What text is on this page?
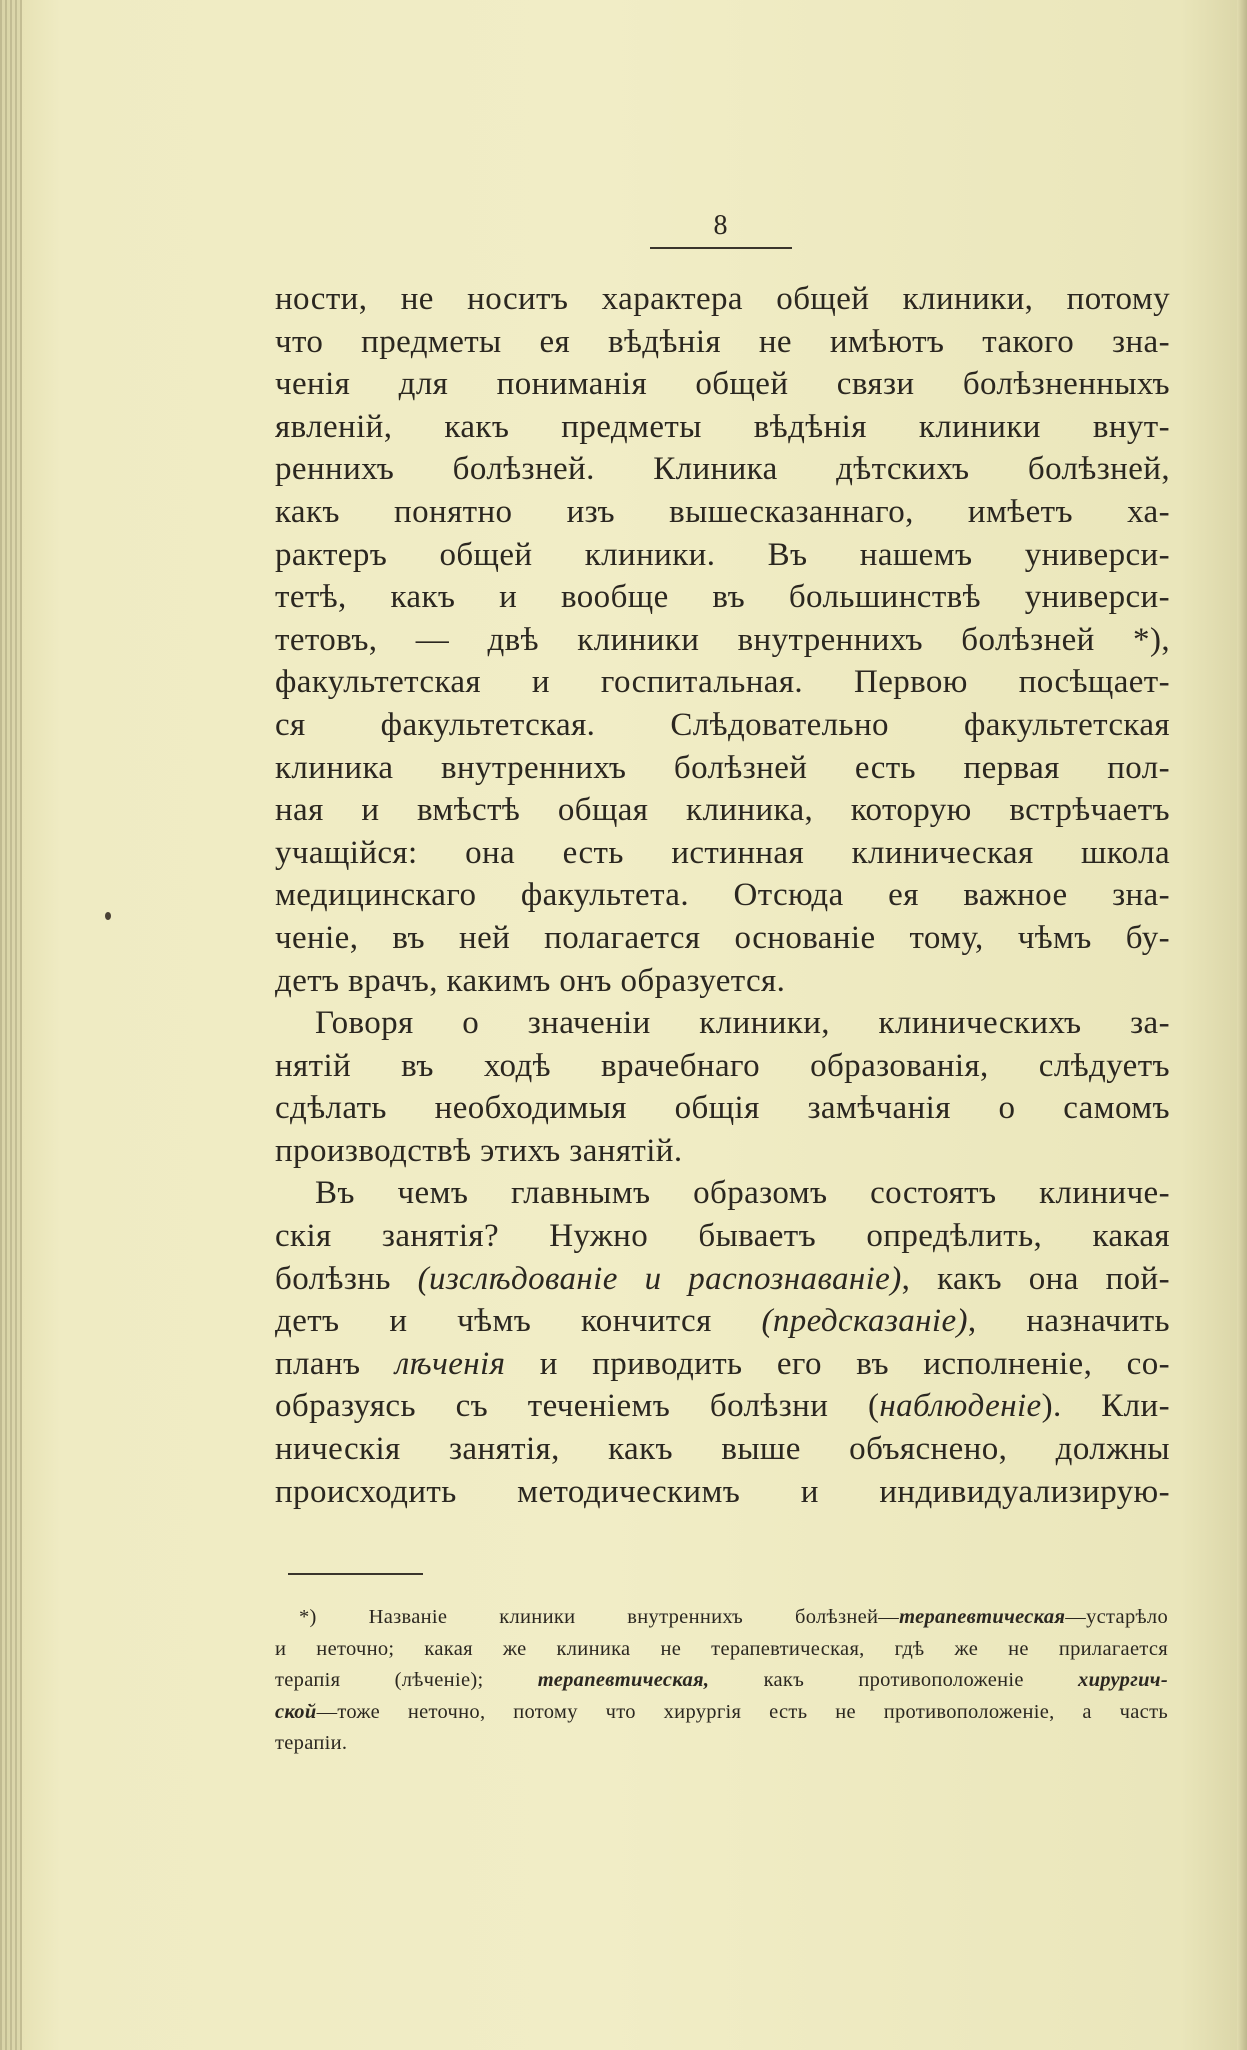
8
ности, не носитъ характера общей клиники, потому
что предметы ея вѣдѣнія не имѣютъ такого зна-
ченія для пониманія общей связи болѣзненныхъ
явленій, какъ предметы вѣдѣнія клиники внут-
реннихъ болѣзней. Клиника дѣтскихъ болѣзней,
какъ понятно изъ вышесказаннаго, имѣетъ ха-
рактеръ общей клиники. Въ нашемъ универси-
тетѣ, какъ и вообще въ большинствѣ универси-
тетовъ, — двѣ клиники внутреннихъ болѣзней *),
факультетская и госпитальная. Первою посѣщает-
ся факультетская. Слѣдовательно факультетская
клиника внутреннихъ болѣзней есть первая пол-
ная и вмѣстѣ общая клиника, которую встрѣчаетъ
учащійся: она есть истинная клиническая школа
медицинскаго факультета. Отсюда ея важное зна-
ченіе, въ ней полагается основаніе тому, чѣмъ бу-
детъ врачъ, какимъ онъ образуется.
Говоря о значеніи клиники, клиническихъ за-
нятій въ ходѣ врачебнаго образованія, слѣдуетъ
сдѣлать необходимыя общія замѣчанія о самомъ
производствѣ этихъ занятій.
Въ чемъ главнымъ образомъ состоятъ клиниче-
скія занятія? Нужно бываетъ опредѣлить, какая
болѣзнь (изслѣдованіе и распознаваніе), какъ она пой-
детъ и чѣмъ кончится (предсказаніе), назначить
планъ лѣченія и приводить его въ исполненіе, со-
образуясь съ теченіемъ болѣзни (наблюденіе). Кли-
ническія занятія, какъ выше объяснено, должны
происходить методическимъ и индивидуализирую-
*) Названіе клиники внутреннихъ болѣзней—терапевтическая—устарѣло
и неточно; какая же клиника не терапевтическая, гдѣ же не прилагается
терапія (лѣченіе); терапевтическая, какъ противоположеніе хирургич-
ской—тоже неточно, потому что хирургія есть не противоположеніе, а часть
терапіи.
